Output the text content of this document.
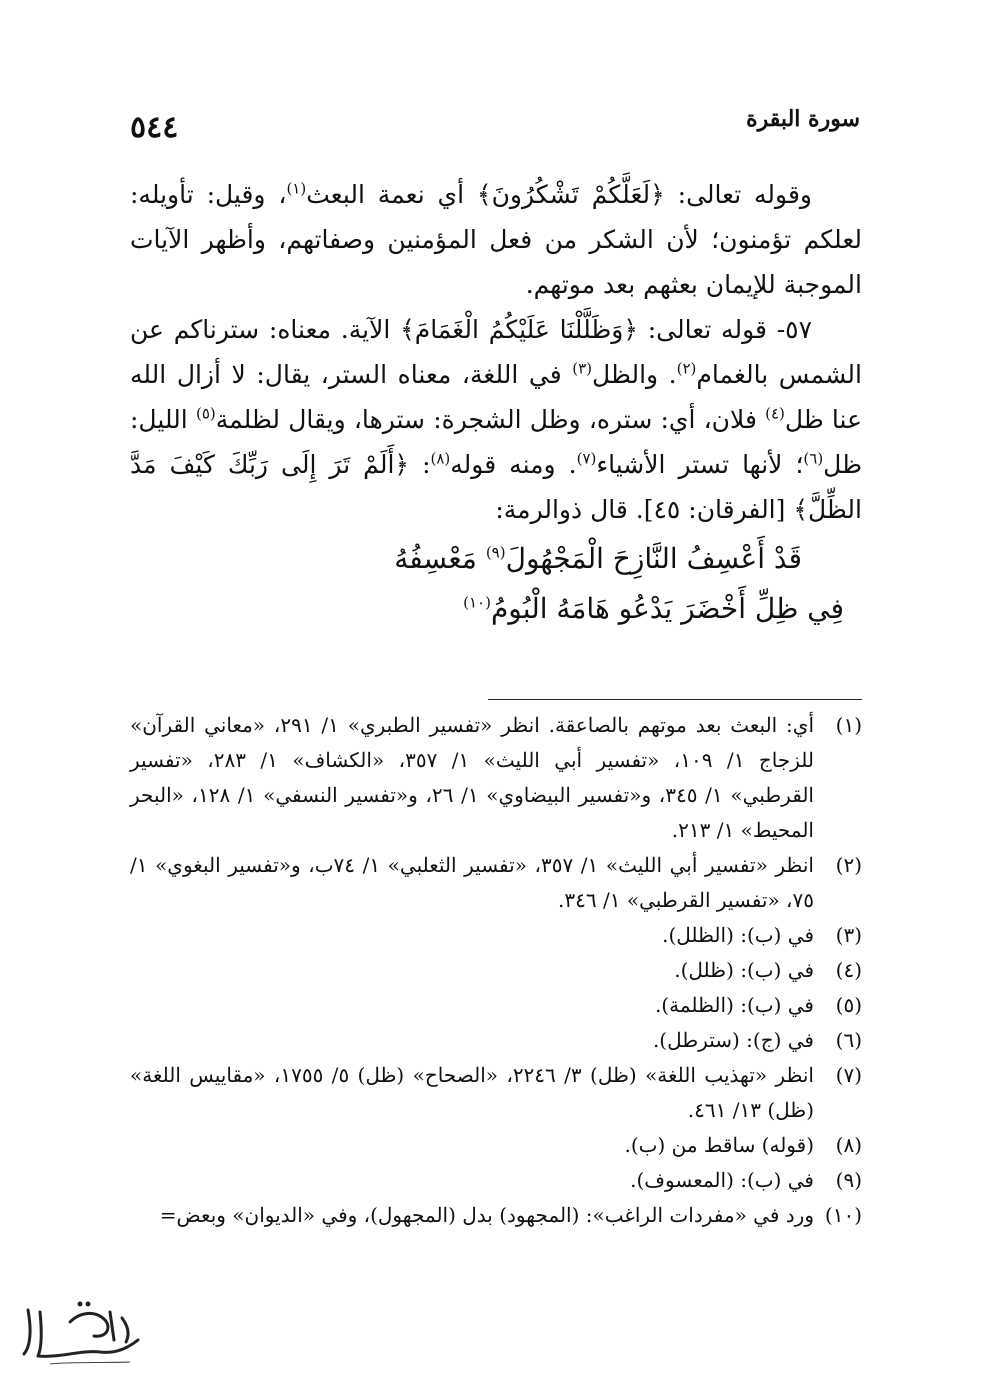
سورة البقرة
٥٤٤

وقوله تعالى: ﴿لَعَلَّكُمْ تَشْكُرُونَ﴾ أي نعمة البعث$^{(١)}$، وقيل: تأويله: لعلكم تؤمنون؛ لأن الشكر من فعل المؤمنين وصفاتهم، وأظهر الآيات الموجبة للإيمان بعثهم بعد موتهم.

٥٧- قوله تعالى: ﴿وَظَلَّلْنَا عَلَيْكُمُ الْغَمَامَ﴾ الآية. معناه: سترناكم عن الشمس بالغمام$^{(٢)}$. والظل$^{(٣)}$ في اللغة، معناه الستر، يقال: لا أزال الله عنا ظل$^{(٤)}$ فلان، أي: ستره، وظل الشجرة: سترها، ويقال لظلمة$^{(٥)}$ الليل: ظل$^{(٦)}$؛ لأنها تستر الأشياء$^{(٧)}$. ومنه قوله$^{(٨)}$: ﴿أَلَمْ تَرَ إِلَى رَبِّكَ كَيْفَ مَدَّ الظِّلَّ﴾ [الفرقان: ٤٥]. قال ذوالرمة:

قَدْ أَعْسِفُ النَّازِحَ الْمَجْهُولَ$^{(٩)}$ مَعْسِفُهُ
فِي ظِلِّ أَخْضَرَ يَدْعُو هَامَهُ الْبُومُ$^{(١٠)}$
(١)
أي: البعث بعد موتهم بالصاعقة. انظر «تفسير الطبري» ١/ ٢٩١، «معاني القرآن» للزجاج ١/ ١٠٩، «تفسير أبي الليث» ١/ ٣٥٧، «الكشاف» ١/ ٢٨٣، «تفسير القرطبي» ١/ ٣٤٥، و«تفسير البيضاوي» ١/ ٢٦، و«تفسير النسفي» ١/ ١٢٨، «البحر المحيط» ١/ ٢١٣.
(٢)
انظر «تفسير أبي الليث» ١/ ٣٥٧، «تفسير الثعلبي» ١/ ٧٤ب، و«تفسير البغوي» ١/ ٧٥، «تفسير القرطبي» ١/ ٣٤٦.
(٣)
في (ب): (الظلل).
(٤)
في (ب): (ظلل).
(٥)
في (ب): (الظلمة).
(٦)
في (ج): (سترطل).
(٧)
انظر «تهذيب اللغة» (ظل) ٣/ ٢٢٤٦، «الصحاح» (ظل) ٥/ ١٧٥٥، «مقاييس اللغة» (ظل) ١٣/ ٤٦١.
(٨)
(قوله) ساقط من (ب).
(٩)
في (ب): (المعسوف).
(١٠)
ورد في «مفردات الراغب»: (المجهود) بدل (المجهول)، وفي «الديوان» وبعض=
